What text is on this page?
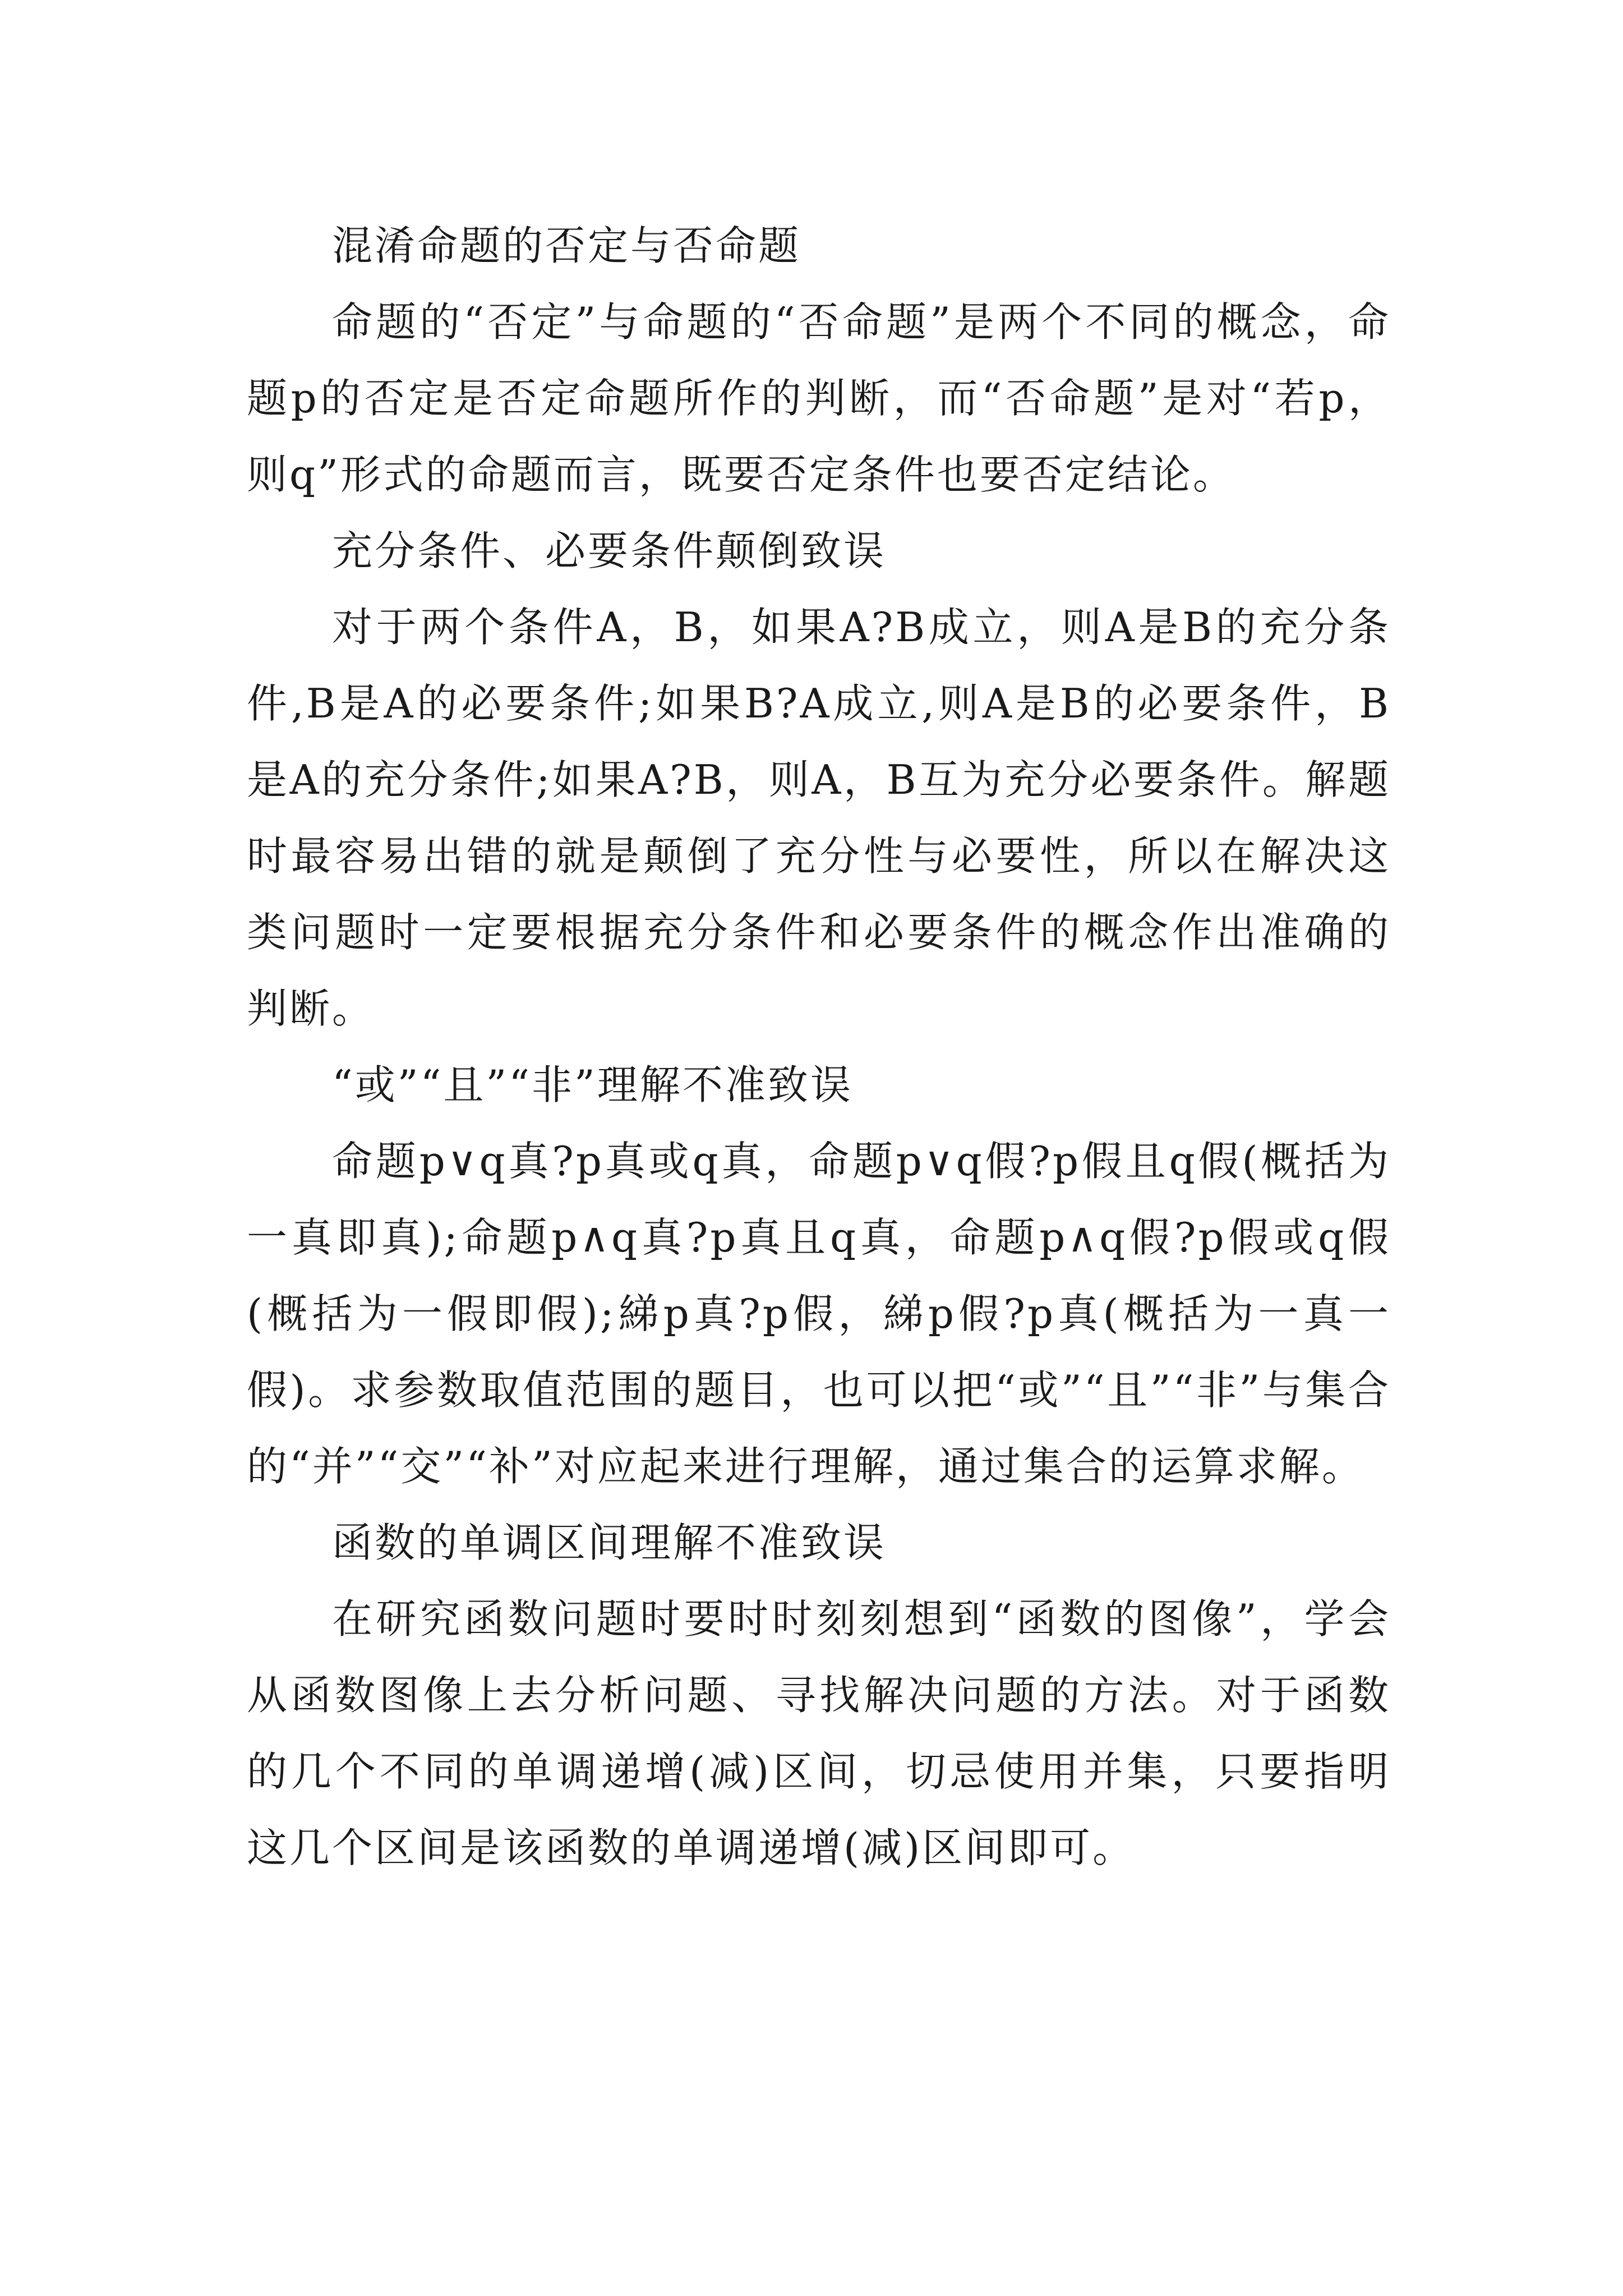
混淆命题的否定与否命题

命题的“否定”与命题的“否命题”是两个不同的概念，命题p的否定是否定命题所作的判断，而“否命题”是对“若p，则q”形式的命题而言，既要否定条件也要否定结论。

充分条件、必要条件颠倒致误

对于两个条件A，B，如果A?B成立，则A是B的充分条件,B是A的必要条件;如果B?A成立,则A是B的必要条件，B是A的充分条件;如果A?B，则A，B互为充分必要条件。解题时最容易出错的就是颠倒了充分性与必要性，所以在解决这类问题时一定要根据充分条件和必要条件的概念作出准确的判断。

“或”“且”“非”理解不准致误

命题p∨q真?p真或q真，命题p∨q假?p假且q假(概括为一真即真);命题p∧q真?p真且q真，命题p∧q假?p假或q假(概括为一假即假);綈p真?p假，綈p假?p真(概括为一真一假)。求参数取值范围的题目，也可以把“或”“且”“非”与集合的“并”“交”“补”对应起来进行理解，通过集合的运算求解。

函数的单调区间理解不准致误

在研究函数问题时要时时刻刻想到“函数的图像”，学会从函数图像上去分析问题、寻找解决问题的方法。对于函数的几个不同的单调递增(减)区间，切忌使用并集，只要指明这几个区间是该函数的单调递增(减)区间即可。
